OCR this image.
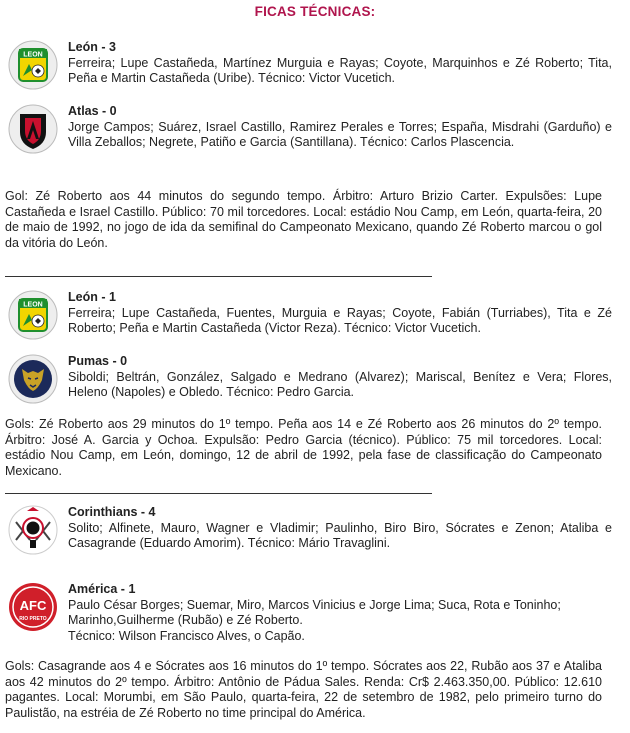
FICAS TÉCNICAS:
LEON
León - 3
Ferreira; Lupe Castañeda, Martínez Murguia e Rayas; Coyote, Marquinhos e Zé Roberto; Tita, Peña e Martin Castañeda (Uribe). Técnico: Victor Vucetich.
Atlas - 0
Jorge Campos; Suárez, Israel Castillo, Ramirez Perales e Torres; España, Misdrahi (Garduño) e Villa Zeballos; Negrete, Patiño e Garcia (Santillana). Técnico: Carlos Plascencia.
Gol: Zé Roberto aos 44 minutos do segundo tempo. Árbitro: Arturo Brizio Carter. Expulsões: Lupe Castañeda e Israel Castillo. Público: 70 mil torcedores. Local: estádio Nou Camp, em León, quarta-feira, 20 de maio de 1992, no jogo de ida da semifinal do Campeonato Mexicano, quando Zé Roberto marcou o gol da vitória do León.
LEON
León - 1
Ferreira; Lupe Castañeda, Fuentes, Murguia e Rayas; Coyote, Fabián (Turriabes), Tita e Zé Roberto; Peña e Martin Castañeda (Victor Reza). Técnico: Victor Vucetich.
Pumas - 0
Siboldi; Beltrán, González, Salgado e Medrano (Alvarez); Mariscal, Benítez e Vera; Flores, Heleno (Napoles) e Obledo. Técnico: Pedro Garcia.
Gols: Zé Roberto aos 29 minutos do 1º tempo. Peña aos 14 e Zé Roberto aos 26 minutos do 2º tempo. Árbitro: José A. Garcia y Ochoa. Expulsão: Pedro Garcia (técnico). Público: 75 mil torcedores. Local: estádio Nou Camp, em León, domingo, 12 de abril de 1992, pela fase de classificação do Campeonato Mexicano.
Corinthians - 4
Solito; Alfinete, Mauro, Wagner e Vladimir; Paulinho, Biro Biro, Sócrates e Zenon; Ataliba e Casagrande (Eduardo Amorim). Técnico: Mário Travaglini.
AFC
RIO PRETO
América - 1
Paulo César Borges; Suemar, Miro, Marcos Vinicius e Jorge Lima; Suca, Rota e Toninho;
Marinho,Guilherme (Rubão) e Zé Roberto.
Técnico: Wilson Francisco Alves, o Capão.
Gols: Casagrande aos 4 e Sócrates aos 16 minutos do 1º tempo. Sócrates aos 22, Rubão aos 37 e Ataliba aos 42 minutos do 2º tempo. Árbitro: Antônio de Pádua Sales. Renda: Cr$ 2.463.350,00. Público: 12.610 pagantes. Local: Morumbi, em São Paulo, quarta-feira, 22 de setembro de 1982, pelo primeiro turno do Paulistão, na estréia de Zé Roberto no time principal do América.
